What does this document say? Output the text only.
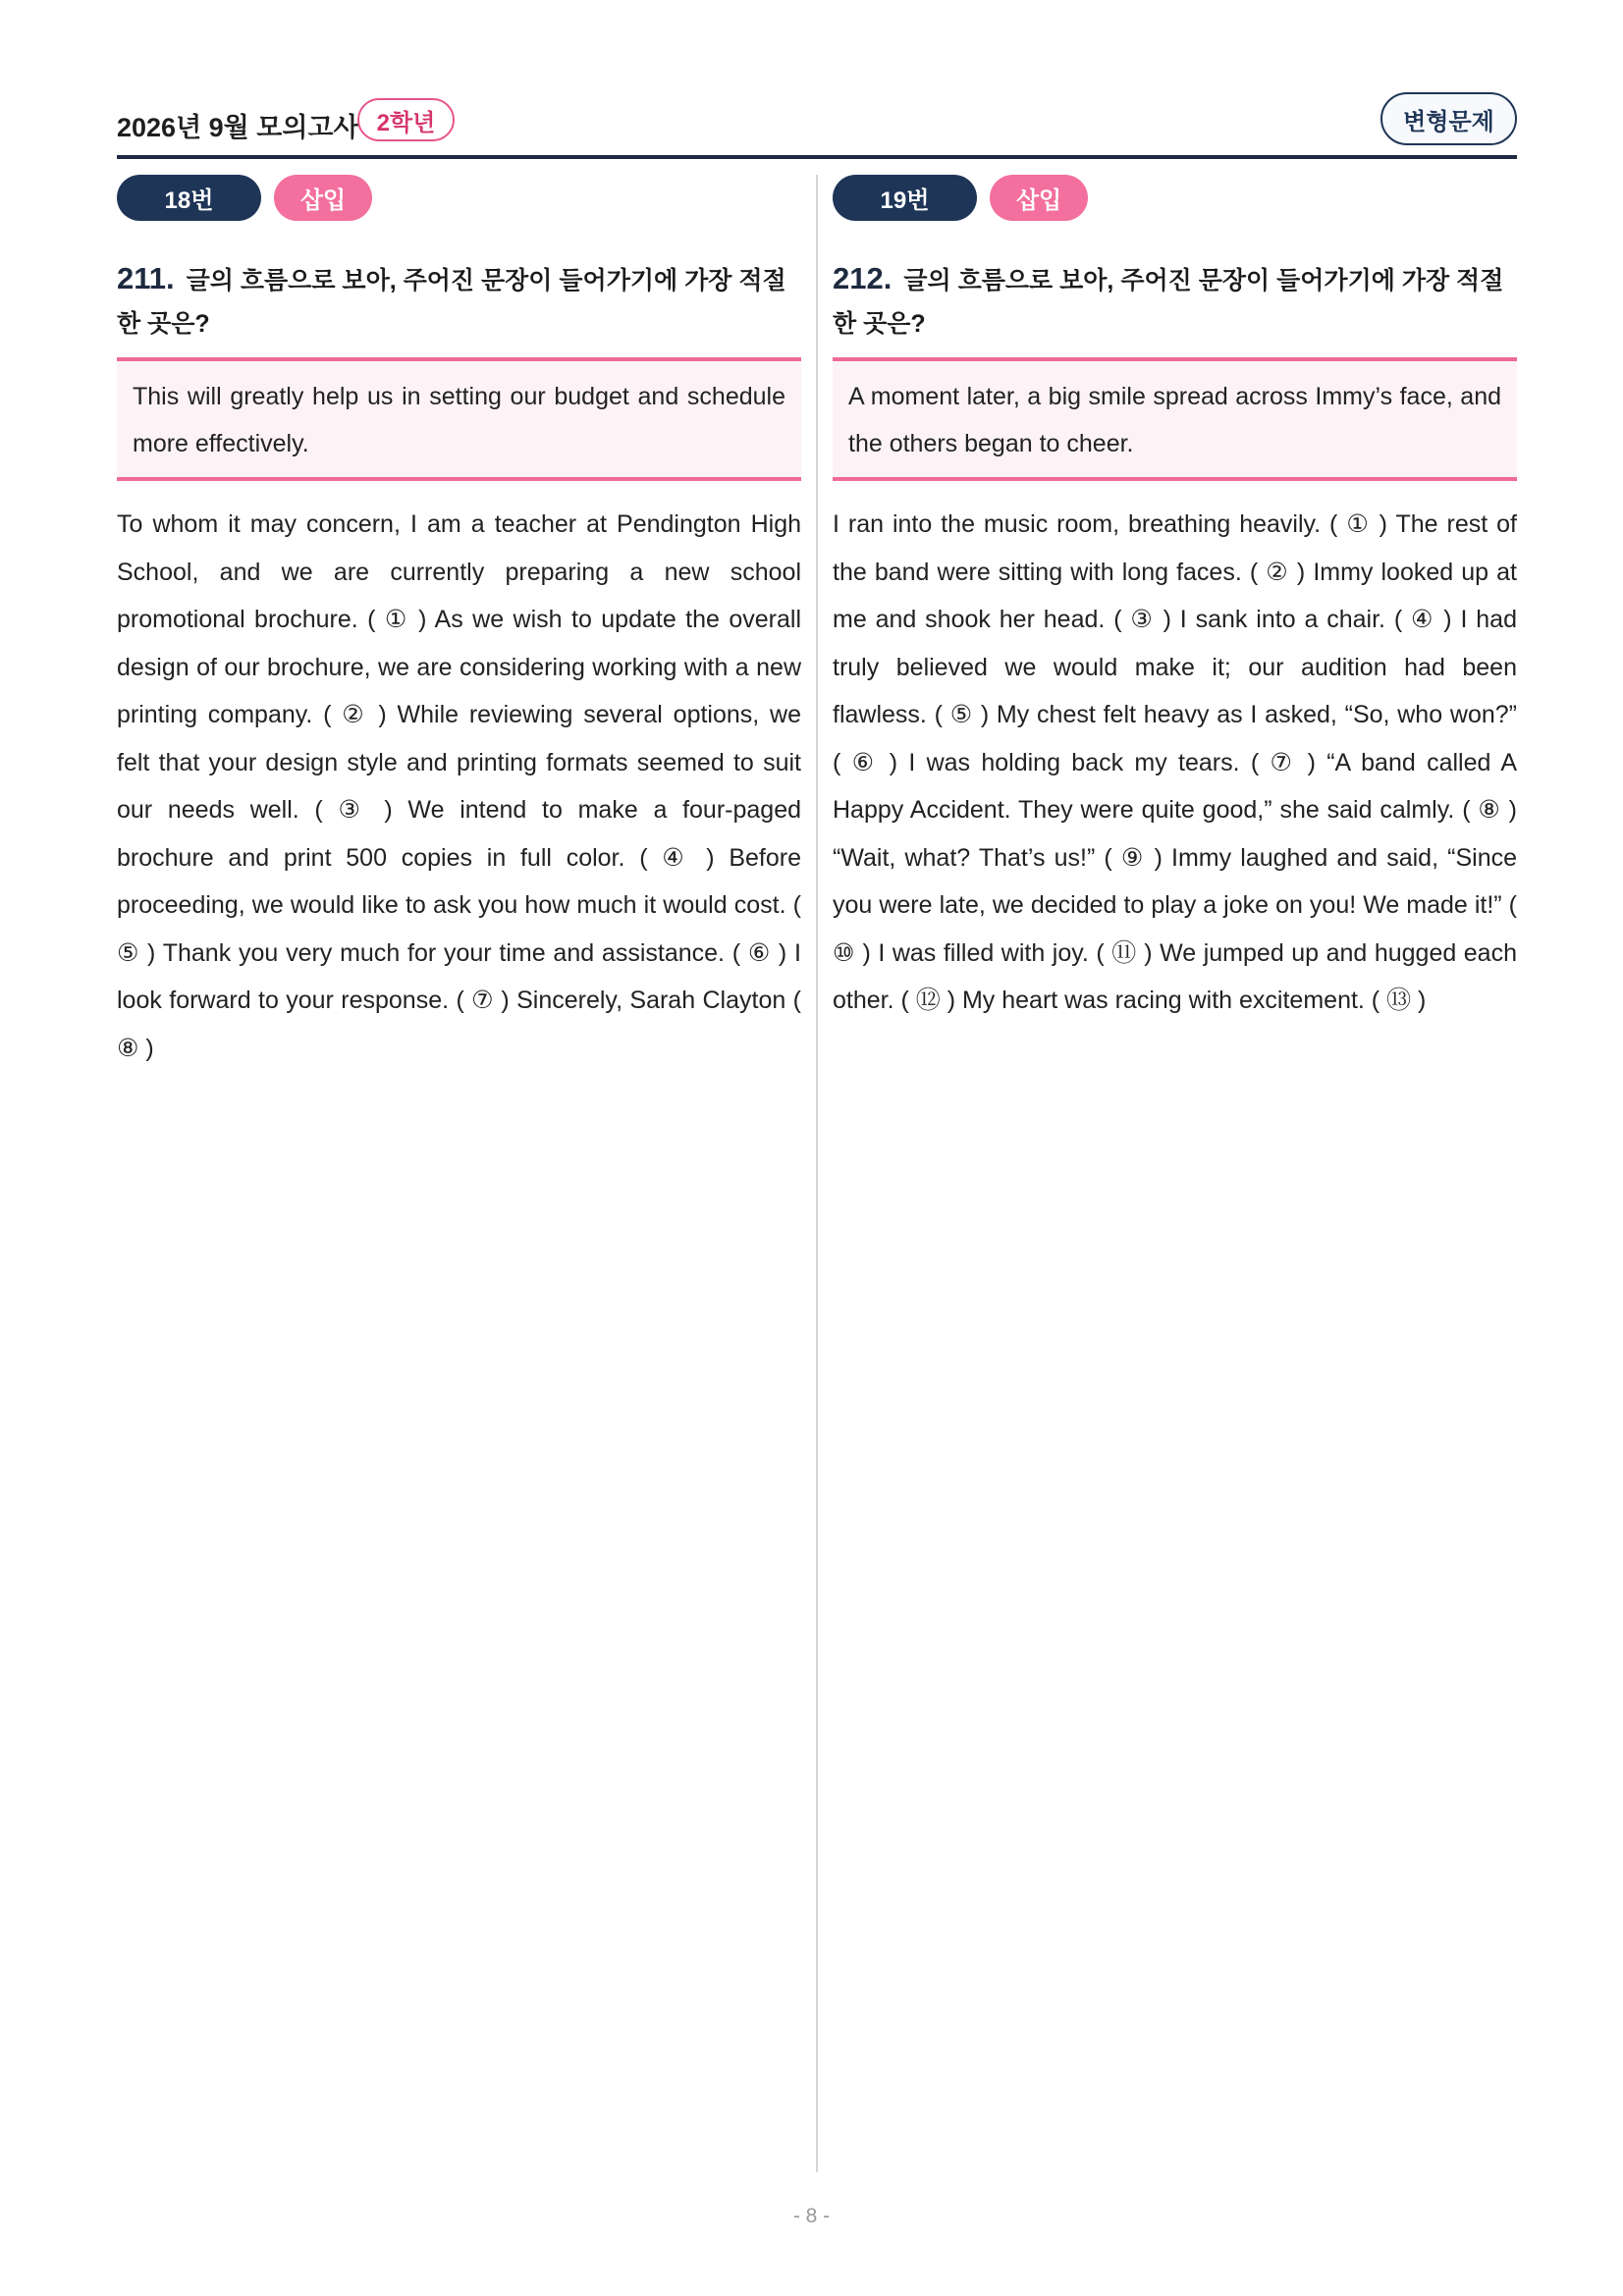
2026년 9월 모의고사 2학년	변형문제
18번	삽입
211. 글의 흐름으로 보아, 주어진 문장이 들어가기에 가장 적절한 곳은?
This will greatly help us in setting our budget and schedule more effectively.
To whom it may concern, I am a teacher at Pendington High School, and we are currently preparing a new school promotional brochure. ( ① ) As we wish to update the overall design of our brochure, we are considering working with a new printing company. ( ② ) While reviewing several options, we felt that your design style and printing formats seemed to suit our needs well. ( ③ ) We intend to make a four-paged brochure and print 500 copies in full color. ( ④ ) Before proceeding, we would like to ask you how much it would cost. ( ⑤ ) Thank you very much for your time and assistance. ( ⑥ ) I look forward to your response. ( ⑦ ) Sincerely, Sarah Clayton ( ⑧ )
19번	삽입
212. 글의 흐름으로 보아, 주어진 문장이 들어가기에 가장 적절한 곳은?
A moment later, a big smile spread across Immy’s face, and the others began to cheer.
I ran into the music room, breathing heavily. ( ① ) The rest of the band were sitting with long faces. ( ② ) Immy looked up at me and shook her head. ( ③ ) I sank into a chair. ( ④ ) I had truly believed we would make it; our audition had been flawless. ( ⑤ ) My chest felt heavy as I asked, “So, who won?” ( ⑥ ) I was holding back my tears. ( ⑦ ) “A band called A Happy Accident. They were quite good,” she said calmly. ( ⑧ ) “Wait, what? That’s us!” ( ⑨ ) Immy laughed and said, “Since you were late, we decided to play a joke on you! We made it!” ( ⑩ ) I was filled with joy. ( ⑪ ) We jumped up and hugged each other. ( ⑫ ) My heart was racing with excitement. ( ⑬ )
- 8 -
